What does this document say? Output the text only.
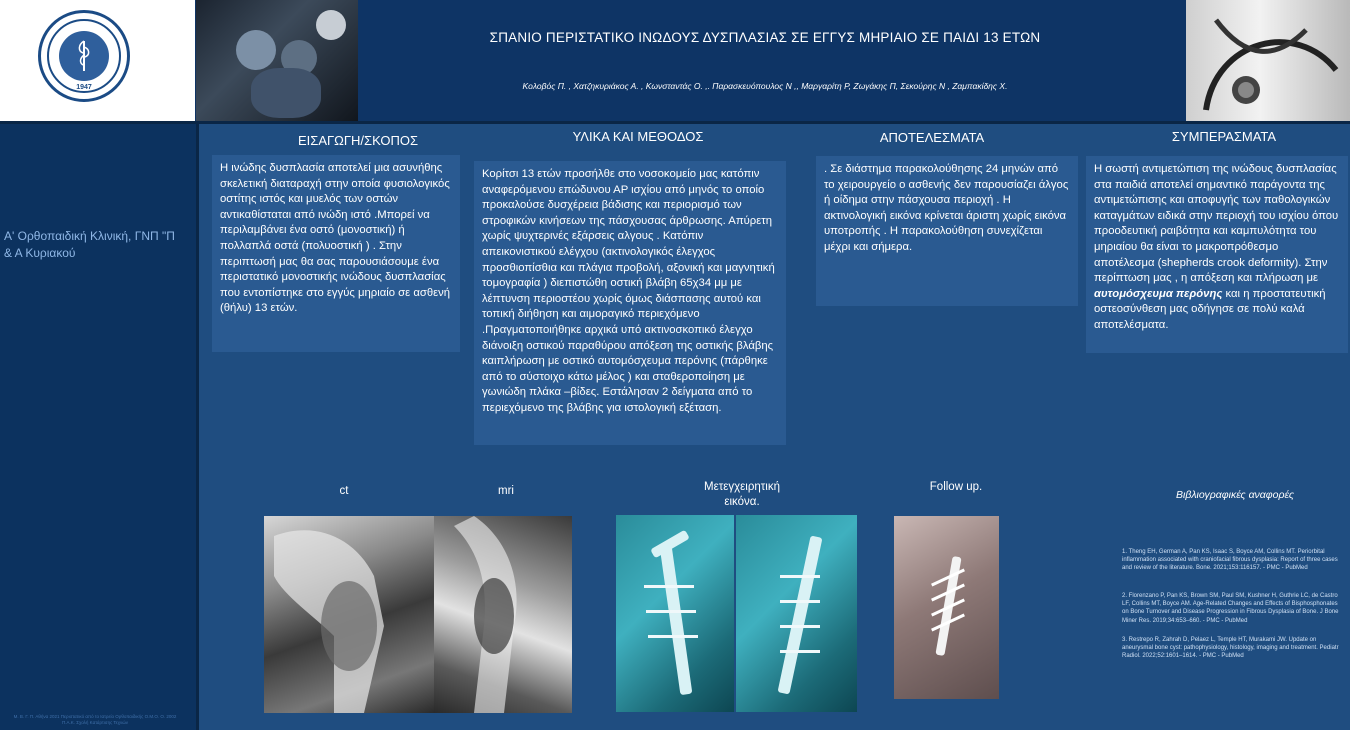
1947
ΣΠΑΝΙΟ ΠΕΡΙΣΤΑΤΙΚΟ ΙΝΩΔΟΥΣ ΔΥΣΠΛΑΣΙΑΣ ΣΕ ΕΓΓΥΣ ΜΗΡΙΑΙΟ ΣΕ ΠΑΙΔΙ 13 ΕΤΩΝ
Κολοβός Π. , Χατζηκυριάκος Α. , Κωνσταντάς Ο. ,. Παρασκευόπουλος Ν ,, Μαργαρίτη Ρ, Ζωγάκης Π, Σεκούρης Ν , Ζαμπακίδης Χ.
Α' Ορθοπαιδική Κλινική, ΓΝΠ "Π & Α Κυριακού
Μ. Β. Γ. Π. Αθήνα 2021 Περιστατικό από το Ιατρείο Ορθοπαιδικής Ο.Μ.Ο. Ο. 2002 Π.Α.Κ. Σχολή Κατάρτισης Τεχνών
ΕΙΣΑΓΩΓΗ/ΣΚΟΠΟΣ
Η ινώδης δυσπλασία αποτελεί μια ασυνήθης σκελετική διαταραχή στην οποία φυσιολογικός οστίτης ιστός και μυελός των οστών αντικαθίσταται από ινώδη ιστό .Μπορεί να περιλαμβάνει ένα οστό (μονοστική) ή πολλαπλά οστά (πολυοστική ) . Στην περιπτωσή μας θα σας παρουσιάσουμε ένα περιστατικό μονοστικής ινώδους δυσπλασίας που εντοπίστηκε στο εγγύς μηριαίο σε ασθενή (θήλυ) 13 ετών.
ΥΛΙΚΑ ΚΑΙ ΜΕΘΟΔΟΣ
Κορίτσι 13 ετών προσήλθε στο νοσοκομείο μας κατόπιν αναφερόμενου επώδυνου ΑΡ ισχίου από μηνός το οποίο προκαλούσε δυσχέρεια βάδισης και περιορισμό των στροφικών κινήσεων της πάσχουσας άρθρωσης. Απύρετη χωρίς ψυχτερινές εξάρσεις αλγους . Κατόπιν απεικονιστικού ελέγχου (ακτινολογικός έλεγχος προσθιοπίσθια και πλάγια προβολή, αξονική και μαγνητική τομογραφία ) διεπιστώθη οστική βλάβη 65χ34 μμ με λέπτυνση περιοστέου χωρίς όμως διάσπασης αυτού και τοπική διήθηση και αιμοραγικό περιεχόμενο .Πραγματοποιήθηκε αρχικά υπό ακτινοσκοπικό έλεγχο διάνοιξη οστικού παραθύρου απόξεση της οστικής βλάβης καιπλήρωση με οστικό αυτομόσχευμα περόνης (πάρθηκε από το σύστοιχο κάτω μέλος ) και σταθεροποίηση με γωνιώδη πλάκα –βίδες. Εστάλησαν 2 δείγματα από το περιεχόμενο της βλάβης για ιστολογική εξέταση.
ΑΠΟΤΕΛΕΣΜΑΤΑ
. Σε διάστημα παρακολούθησης 24 μηνών από το χειρουργείο ο ασθενής δεν παρουσίαζει άλγος ή οίδημα στην πάσχουσα περιοχή . Η ακτινολογική εικόνα κρίνεται άριστη χωρίς εικόνα υποτροπής . Η παρακολούθηση συνεχίζεται μέχρι και σήμερα.
ΣΥΜΠΕΡΑΣΜΑΤΑ
Η σωστή αντιμετώπιση της ινώδους δυσπλασίας στα παιδιά αποτελεί σημαντικό παράγοντα της αντιμετώπισης και αποφυγής των παθολογικών καταγμάτων ειδικά στην περιοχή του ισχίου όπου προοδευτική ραιβότητα και καμπυλότητα του μηριαίου θα είναι το μακροπρόθεσμο αποτέλεσμα (shepherds crook deformity). Στην περίπτωση μας , η απόξεση και πλήρωση με αυτομόσχευμα περόνης και η προστατευτική οστεοσύνθεση μας οδήγησε σε πολύ καλά αποτελέσματα.
ct	mri	Μετεγχειρητική
εικόνα.
Follow up.
Βιβλιογραφικές αναφορές
1. Theng EH, German A, Pan KS, Isaac S, Boyce AM, Collins MT. Periorbital inflammation associated with craniofacial fibrous dysplasia: Report of three cases and review of the literature. Bone. 2021;153:116157. - PMC - PubMed
2. Florenzano P, Pan KS, Brown SM, Paul SM, Kushner H, Guthrie LC, de Castro LF, Collins MT, Boyce AM. Age-Related Changes and Effects of Bisphosphonates on Bone Turnover and Disease Progression in Fibrous Dysplasia of Bone. J Bone Miner Res. 2019;34:653–660. - PMC - PubMed
3. Restrepo R, Zahrah D, Pelaez L, Temple HT, Murakami JW. Update on aneurysmal bone cyst: pathophysiology, histology, imaging and treatment. Pediatr Radiol. 2022;52:1601–1614. - PMC - PubMed
